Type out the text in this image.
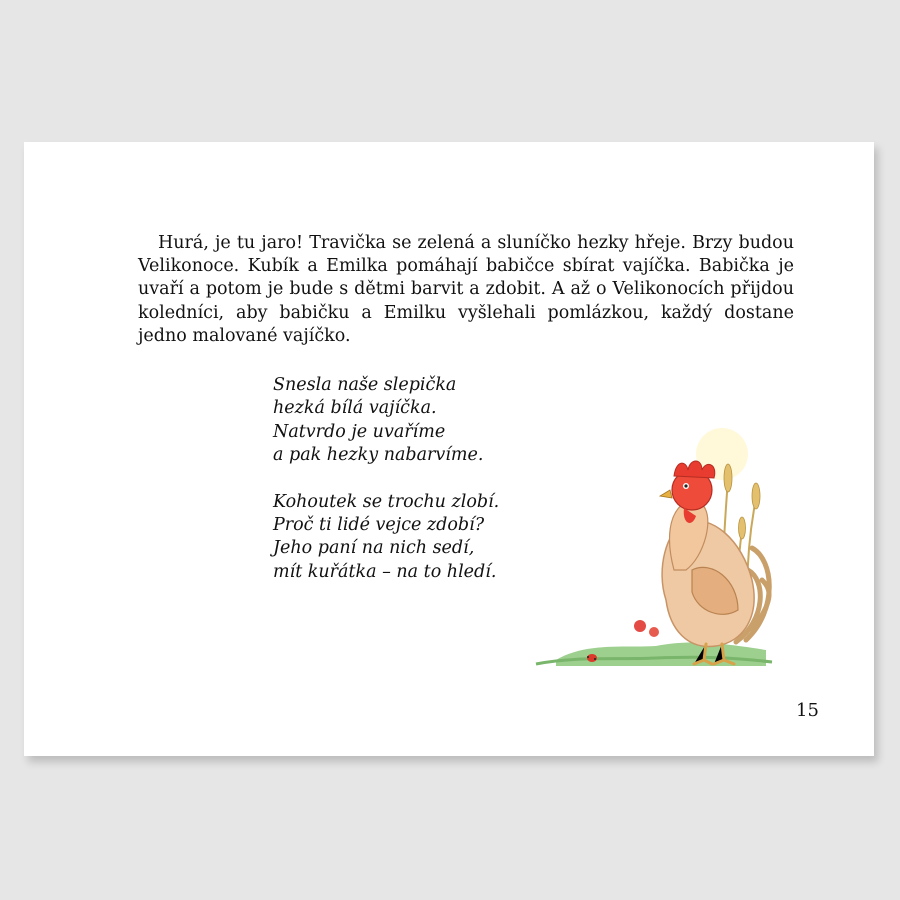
Hurá, je tu jaro! Travička se zelená a sluníčko hezky hřeje. Brzy budou Velikonoce. Kubík a Emilka pomáhají babičce sbírat vajíčka. Babička je uvaří a potom je bude s dětmi barvit a zdobit. A až o Velikonocích přijdou koledníci, aby babičku a Emilku vyšlehali pomlázkou, každý dostane jedno malované vajíčko.

Snesla naše slepička
hezká bílá vajíčka.
Natvrdo je uvaříme
a pak hezky nabarvíme.
Kohoutek se trochu zlobí.
Proč ti lidé vejce zdobí?
Jeho paní na nich sedí,
mít kuřátka – na to hledí.
15
